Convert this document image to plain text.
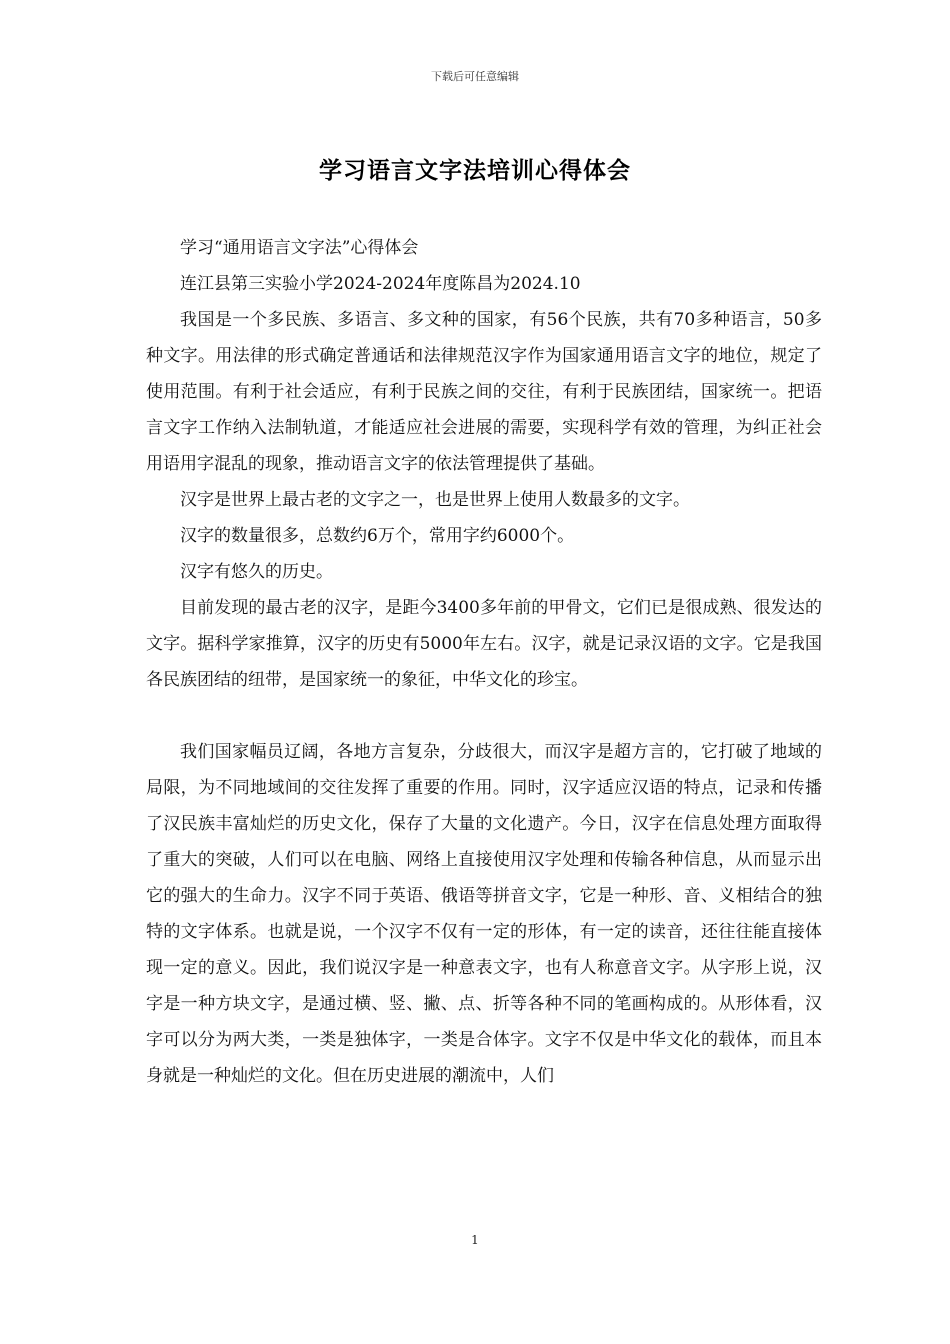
下载后可任意编辑
学习语言文字法培训心得体会

学习“通用语言文字法”心得体会

连江县第三实验小学2024-2024年度陈昌为2024.10

我国是一个多民族、多语言、多文种的国家，有56个民族，共有70多种语言，50多种文字。用法律的形式确定普通话和法律规范汉字作为国家通用语言文字的地位，规定了使用范围。有利于社会适应，有利于民族之间的交往，有利于民族团结，国家统一。把语言文字工作纳入法制轨道，才能适应社会进展的需要，实现科学有效的管理，为纠正社会用语用字混乱的现象，推动语言文字的依法管理提供了基础。

汉字是世界上最古老的文字之一，也是世界上使用人数最多的文字。

汉字的数量很多，总数约6万个，常用字约6000个。

汉字有悠久的历史。

目前发现的最古老的汉字，是距今3400多年前的甲骨文，它们已是很成熟、很发达的文字。据科学家推算，汉字的历史有5000年左右。汉字，就是记录汉语的文字。它是我国各民族团结的纽带，是国家统一的象征，中华文化的珍宝。

我们国家幅员辽阔，各地方言复杂，分歧很大，而汉字是超方言的，它打破了地域的局限，为不同地域间的交往发挥了重要的作用。同时，汉字适应汉语的特点，记录和传播了汉民族丰富灿烂的历史文化，保存了大量的文化遗产。今日，汉字在信息处理方面取得了重大的突破，人们可以在电脑、网络上直接使用汉字处理和传输各种信息，从而显示出它的强大的生命力。汉字不同于英语、俄语等拼音文字，它是一种形、音、义相结合的独特的文字体系。也就是说，一个汉字不仅有一定的形体，有一定的读音，还往往能直接体现一定的意义。因此，我们说汉字是一种意表文字，也有人称意音文字。从字形上说，汉字是一种方块文字，是通过横、竖、撇、点、折等各种不同的笔画构成的。从形体看，汉字可以分为两大类，一类是独体字，一类是合体字。文字不仅是中华文化的载体，而且本身就是一种灿烂的文化。但在历史进展的潮流中，人们

1
